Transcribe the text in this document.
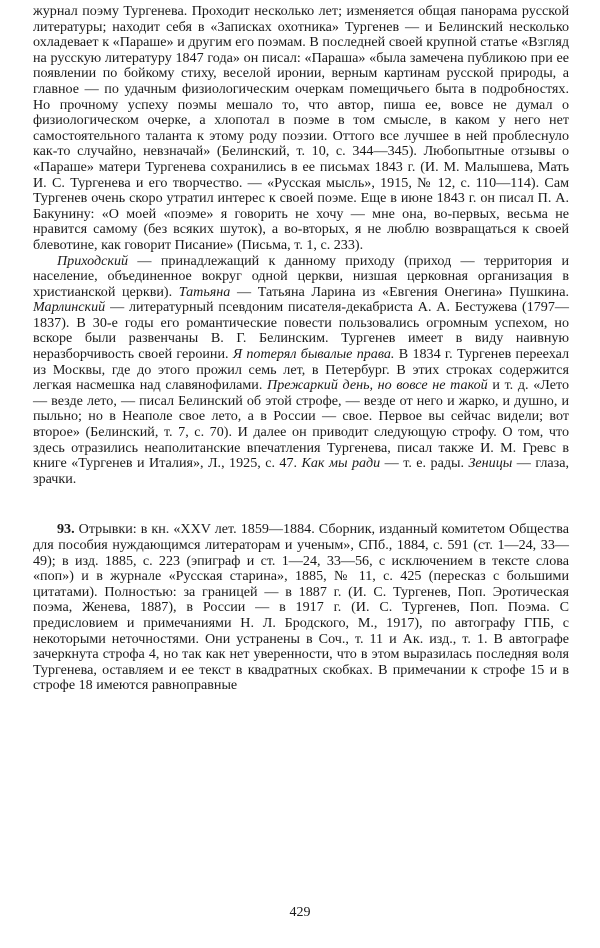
журнал поэму Тургенева. Проходит несколько лет; изменяется общая панорама русской литературы; находит себя в «Записках охотника» Тургенев — и Белинский несколько охладевает к «Параше» и другим его поэмам. В последней своей крупной статье «Взгляд на русскую литературу 1847 года» он писал: «Параша» «была замечена публикою при ее появлении по бойкому стиху, веселой иронии, верным картинам русской природы, а главное — по удачным физиологическим очеркам помещичьего быта в подробностях. Но прочному успеху поэмы мешало то, что автор, пиша ее, вовсе не думал о физиологическом очерке, а хлопотал в поэме в том смысле, в каком у него нет самостоятельного таланта к этому роду поэзии. Оттого все лучшее в ней проблеснуло как-то случайно, невзначай» (Белинский, т. 10, с. 344—345). Любопытные отзывы о «Параше» матери Тургенева сохранились в ее письмах 1843 г. (И. М. Малышева, Мать И. С. Тургенева и его творчество. — «Русская мысль», 1915, № 12, с. 110—114). Сам Тургенев очень скоро утратил интерес к своей поэме. Еще в июне 1843 г. он писал П. А. Бакунину: «О моей «поэме» я говорить не хочу — мне она, во-первых, весьма не нравится самому (без всяких шуток), а во-вторых, я не люблю возвращаться к своей блевотине, как говорит Писание» (Письма, т. 1, с. 233).

Приходский — принадлежащий к данному приходу (приход — территория и население, объединенное вокруг одной церкви, низшая церковная организация в христианской церкви). Татьяна — Татьяна Ларина из «Евгения Онегина» Пушкина. Марлинский — литературный псевдоним писателя-декабриста А. А. Бестужева (1797—1837). В 30-е годы его романтические повести пользовались огромным успехом, но вскоре были развенчаны В. Г. Белинским. Тургенев имеет в виду наивную неразборчивость своей героини. Я потерял бывалые права. В 1834 г. Тургенев переехал из Москвы, где до этого прожил семь лет, в Петербург. В этих строках содержится легкая насмешка над славянофилами. Прежаркий день, но вовсе не такой и т. д. «Лето — везде лето, — писал Белинский об этой строфе, — везде от него и жарко, и душно, и пыльно; но в Неаполе свое лето, а в России — свое. Первое вы сейчас видели; вот второе» (Белинский, т. 7, с. 70). И далее он приводит следующую строфу. О том, что здесь отразились неаполитанские впечатления Тургенева, писал также И. М. Гревс в книге «Тургенев и Италия», Л., 1925, с. 47. Как мы ради — т. е. рады. Зеницы — глаза, зрачки.

93. Отрывки: в кн. «XXV лет. 1859—1884. Сборник, изданный комитетом Общества для пособия нуждающимся литераторам и ученым», СПб., 1884, с. 591 (ст. 1—24, 33—49); в изд. 1885, с. 223 (эпиграф и ст. 1—24, 33—56, с исключением в тексте слова «поп») и в журнале «Русская старина», 1885, № 11, с. 425 (пересказ с большими цитатами). Полностью: за границей — в 1887 г. (И. С. Тургенев, Поп. Эротическая поэма, Женева, 1887), в России — в 1917 г. (И. С. Тургенев, Поп. Поэма. С предисловием и примечаниями Н. Л. Бродского, М., 1917), по автографу ГПБ, с некоторыми неточностями. Они устранены в Соч., т. 11 и Ак. изд., т. 1. В автографе зачеркнута строфа 4, но так как нет уверенности, что в этом выразилась последняя воля Тургенева, оставляем и ее текст в квадратных скобках. В примечании к строфе 15 и в строфе 18 имеются равноправные

429
